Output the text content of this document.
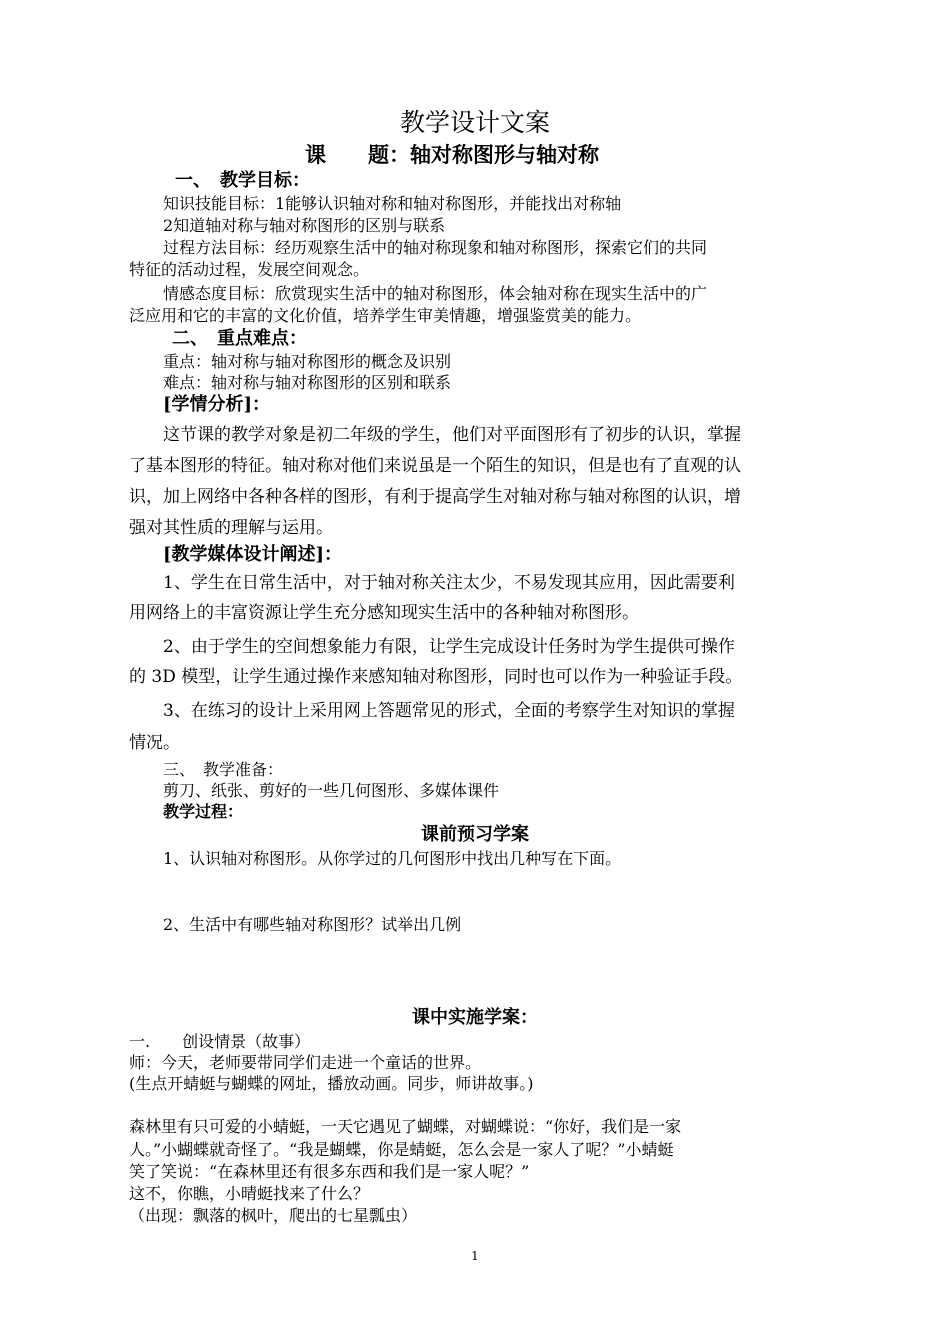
教学设计文案
课　　题：轴对称图形与轴对称
一、　教学目标：
知识技能目标：1能够认识轴对称和轴对称图形，并能找出对称轴
2知道轴对称与轴对称图形的区别与联系
过程方法目标：经历观察生活中的轴对称现象和轴对称图形，探索它们的共同
特征的活动过程，发展空间观念。
情感态度目标：欣赏现实生活中的轴对称图形，体会轴对称在现实生活中的广
泛应用和它的丰富的文化价值，培养学生审美情趣，增强鉴赏美的能力。
二、　重点难点：
重点：轴对称与轴对称图形的概念及识别
难点：轴对称与轴对称图形的区别和联系
[学情分析]：
这节课的教学对象是初二年级的学生，他们对平面图形有了初步的认识，掌握
了基本图形的特征。轴对称对他们来说虽是一个陌生的知识，但是也有了直观的认
识，加上网络中各种各样的图形，有利于提高学生对轴对称与轴对称图的认识，增
强对其性质的理解与运用。
[教学媒体设计阐述]：
1、学生在日常生活中，对于轴对称关注太少，不易发现其应用，因此需要利
用网络上的丰富资源让学生充分感知现实生活中的各种轴对称图形。
2、由于学生的空间想象能力有限，让学生完成设计任务时为学生提供可操作
的 3D 模型，让学生通过操作来感知轴对称图形，同时也可以作为一种验证手段。
3、在练习的设计上采用网上答题常见的形式，全面的考察学生对知识的掌握
情况。
三、　教学准备：
剪刀、纸张、剪好的一些几何图形、多媒体课件
教学过程：
课前预习学案
1、认识轴对称图形。从你学过的几何图形中找出几种写在下面。
2、生活中有哪些轴对称图形？试举出几例
课中实施学案：
一.　　创设情景（故事）
师：今天，老师要带同学们走进一个童话的世界。
(生点开蜻蜓与蝴蝶的网址，播放动画。同步，师讲故事。)
森林里有只可爱的小蜻蜓，一天它遇见了蝴蝶，对蝴蝶说：“你好，我们是一家
人。”小蝴蝶就奇怪了。“我是蝴蝶，你是蜻蜓，怎么会是一家人了呢？”小蜻蜓
笑了笑说：“在森林里还有很多东西和我们是一家人呢？”
这不，你瞧，小晴蜓找来了什么？
（出现：飘落的枫叶，爬出的七星瓢虫）
1
